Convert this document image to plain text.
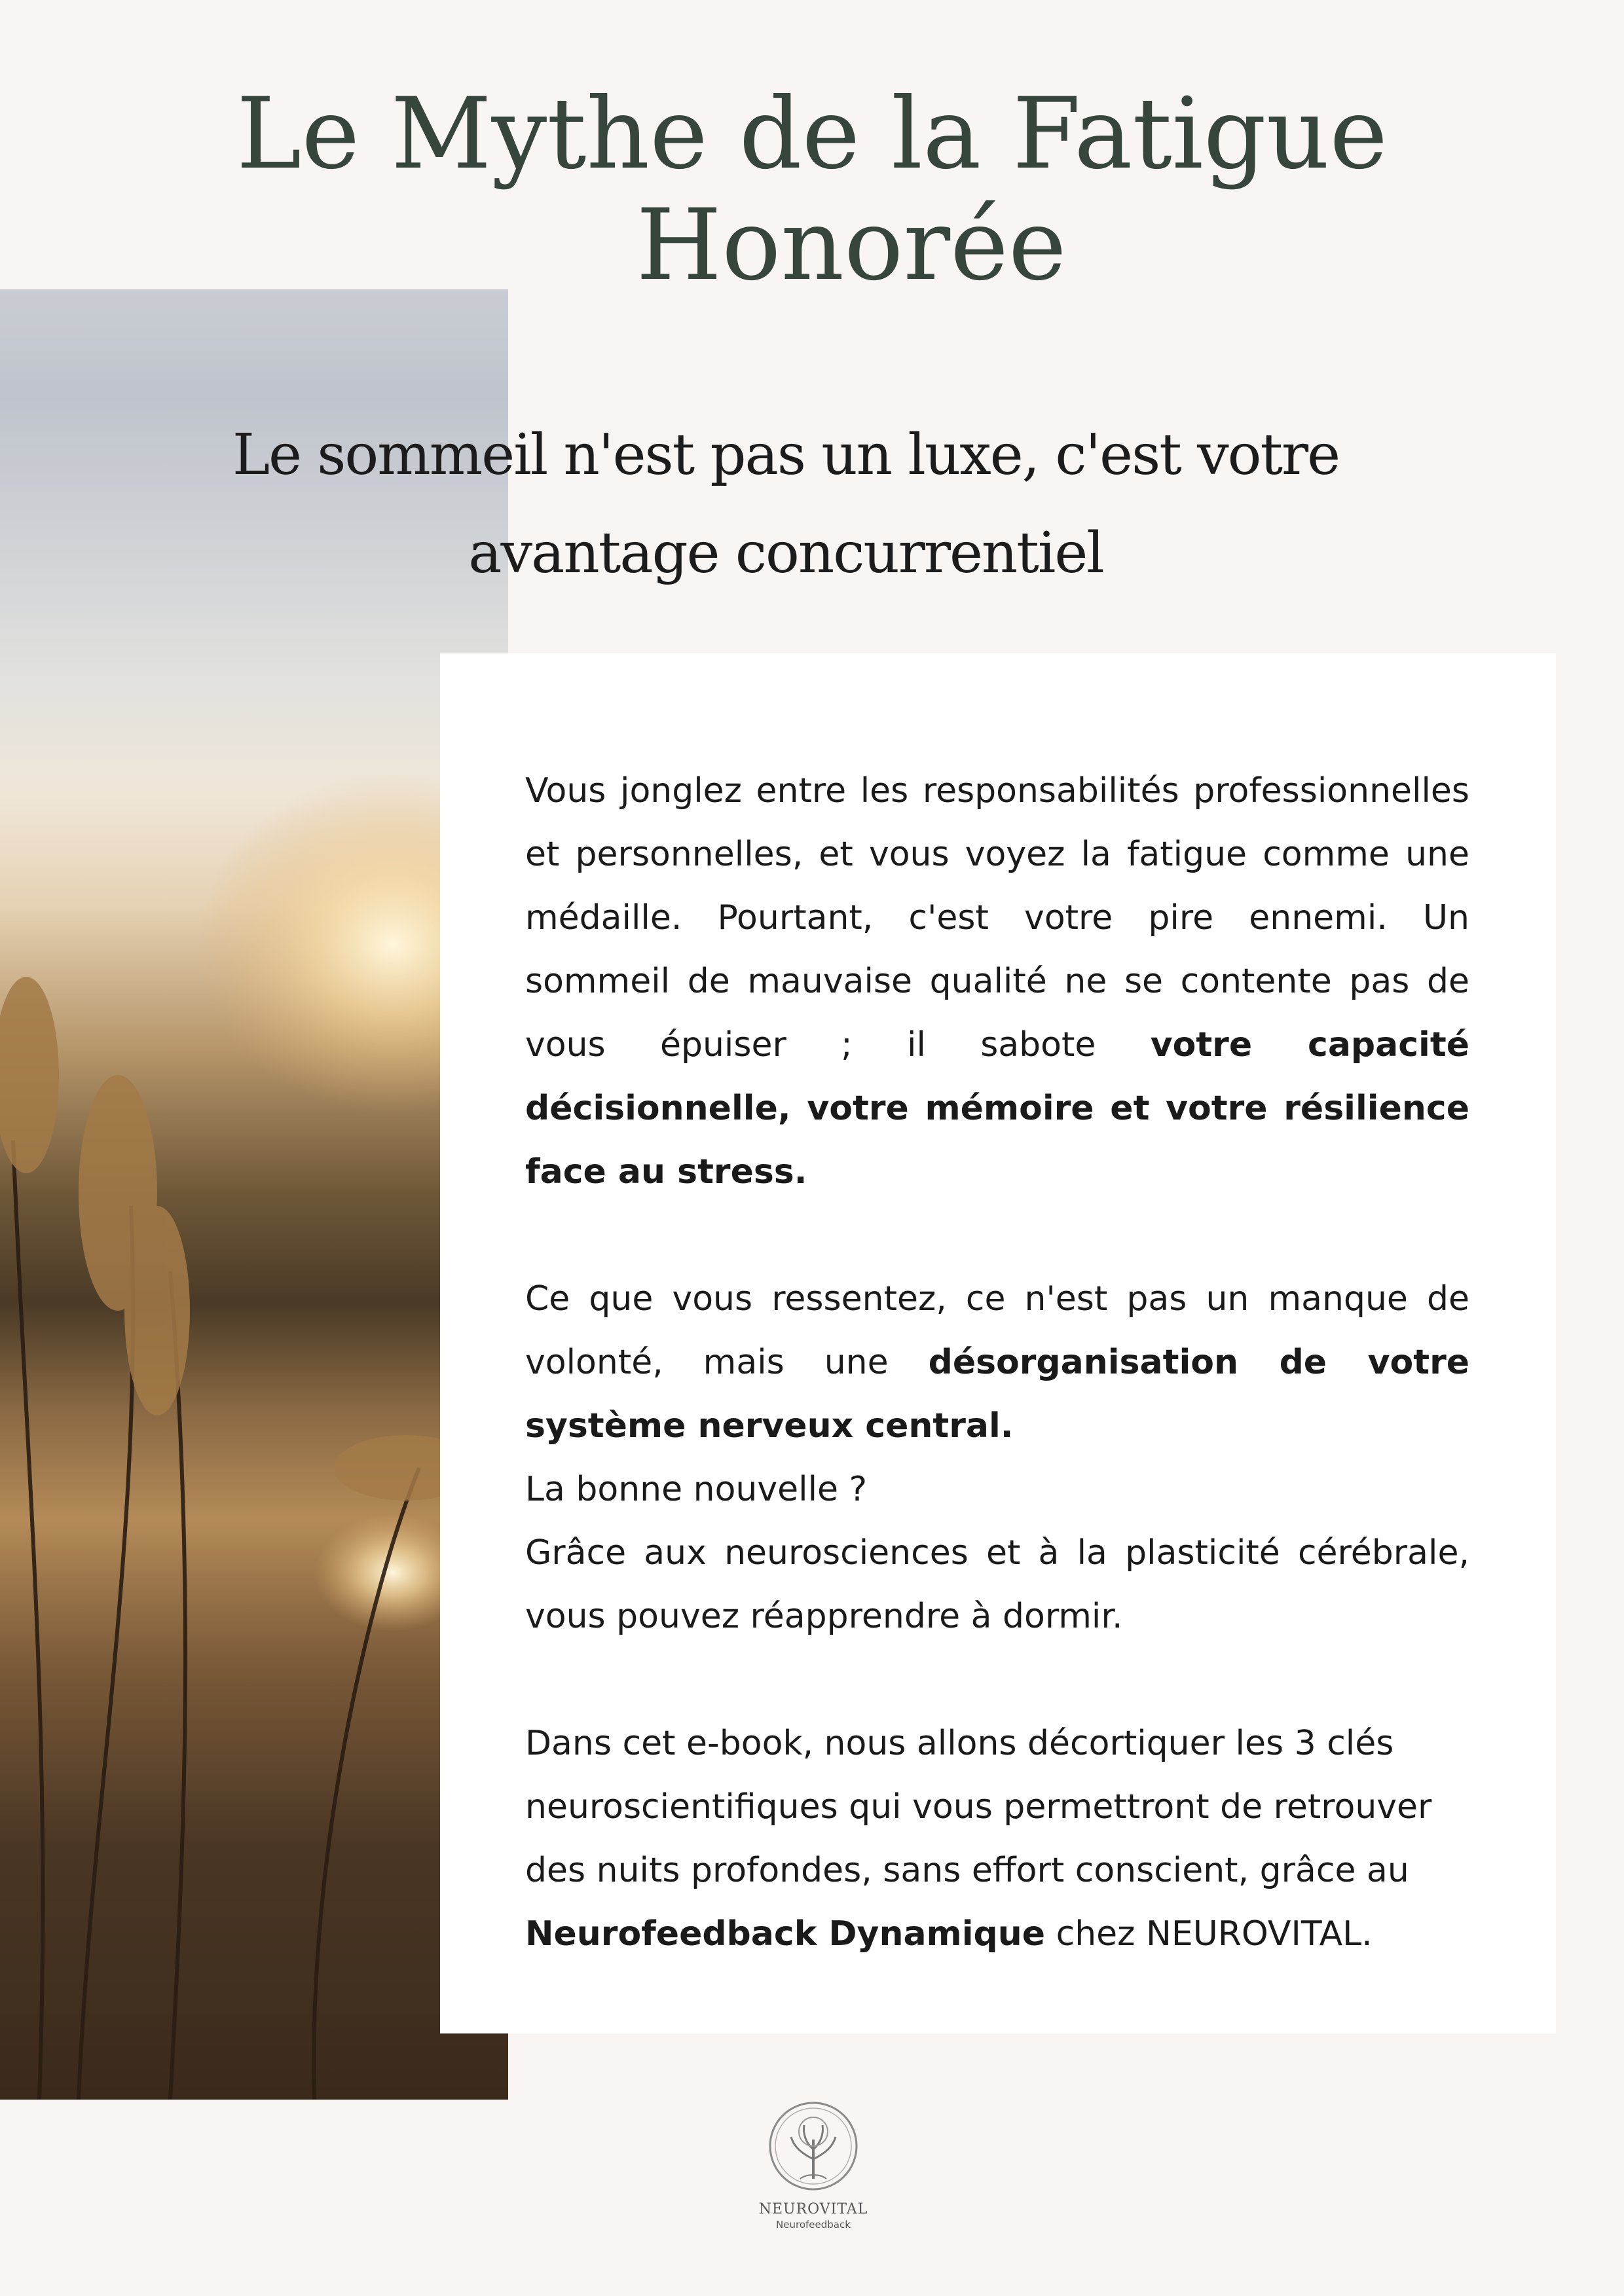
Le Mythe de la Fatigue
Honorée
Le sommeil n'est pas un luxe, c'est votre
avantage concurrentiel

Vous jonglez entre les responsabilités professionnelles et personnelles, et vous voyez la fatigue comme une médaille. Pourtant, c'est votre pire ennemi. Un sommeil de mauvaise qualité ne se contente pas de vous épuiser ; il sabote votre capacité décisionnelle, votre mémoire et votre résilience face au stress.

Ce que vous ressentez, ce n'est pas un manque de volonté, mais une désorganisation de votre système nerveux central.

La bonne nouvelle ?

Grâce aux neurosciences et à la plasticité cérébrale, vous pouvez réapprendre à dormir.

Dans cet e-book, nous allons décortiquer les 3 clés neuroscientifiques qui vous permettront de retrouver des nuits profondes, sans effort conscient, grâce au Neurofeedback Dynamique chez NEUROVITAL.

NEUROVITAL
Neurofeedback
